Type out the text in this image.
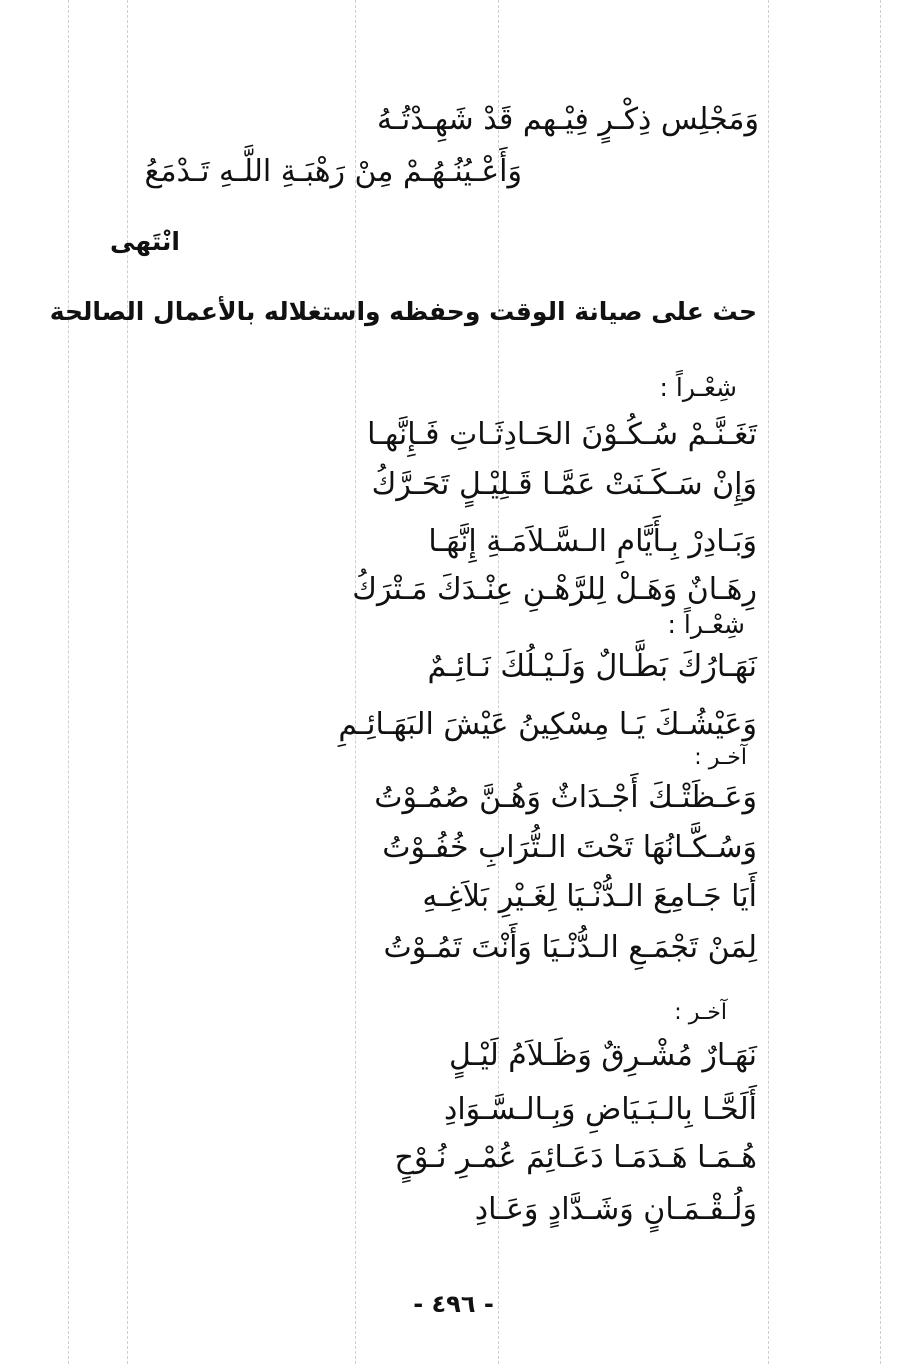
وَمَجْلِس ذِكْـرٍ فِيْـهم قَدْ شَهِـدْتُـهُ
وَأَعْـيُنُـهُـمْ مِنْ رَهْبَـةِ اللَّـهِ تَـدْمَعُ
انْتَهى
حث على صيانة الوقت وحفظه واستغلاله بالأعمال الصالحة
شِعْـراً :
تَغَـنَّـمْ سُـكُـوْنَ الحَـادِثَـاتِ فَـإِنَّهـا
وَإِنْ سَـكَـنَتْ عَمَّـا قَـلِيْـلٍ تَحَـرَّكُ
وَبَـادِرْ بِـأَيَّامِ الـسَّـلاَمَـةِ إِنَّهَـا
رِهَـانٌ وَهَـلْ لِلرَّهْـنِ عِنْـدَكَ مَـتْرَكُ
شِعْـراً :
نَهَـارُكَ بَطَّـالٌ وَلَـيْـلُكَ نَـائِـمٌ
وَعَيْشُـكَ يَـا مِسْكِينُ عَيْشَ البَهَـائِـمِ
آخـر :
وَعَـظَتْـكَ أَجْـدَاثٌ وَهُـنَّ صُمُـوْتُ
وَسُـكَّـانُهَا تَحْتَ الـتُّرَابِ خُفُـوْتُ
أَيَا جَـامِعَ الـدُّنْـيَا لِغَـيْرِ بَلاَغِـهِ
لِمَنْ تَجْمَـعِ الـدُّنْـيَا وَأَنْتَ تَمُـوْتُ
آخـر :
نَهَـارٌ مُشْـرِقٌ وَظَـلاَمُ لَيْـلٍ
أَلَحَّـا بِالـبَـيَاضِ وَبِـالـسَّـوَادِ
هُـمَـا هَـدَمَـا دَعَـائِمَ عُمْـرِ نُـوْحٍ
وَلُـقْـمَـانٍ وَشَـدَّادٍ وَعَـادِ
- ٤٩٦ -
